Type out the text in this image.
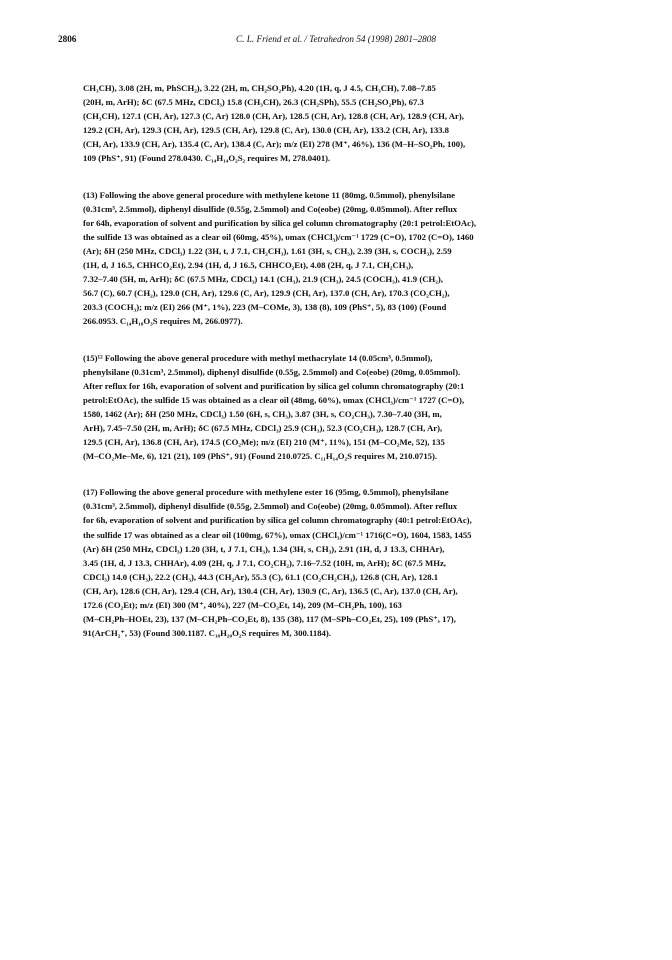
2806	C. L. Friend et al. / Tetrahedron 54 (1998) 2801–2808

CH₃CH), 3.08 (2H, m, PhSCH₂), 3.22 (2H, m, CH₂SO₂Ph), 4.20 (1H, q, J 4.5, CH₃CH), 7.08–7.85

(20H, m, ArH); δC (67.5 MHz, CDCl₃) 15.8 (CH₃CH), 26.3 (CH₂SPh), 55.5 (CH₂SO₂Ph), 67.3

(CH₃CH), 127.1 (CH, Ar), 127.3 (C, Ar) 128.0 (CH, Ar), 128.5 (CH, Ar), 128.8 (CH, Ar), 128.9 (CH, Ar),

129.2 (CH, Ar), 129.3 (CH, Ar), 129.5 (CH, Ar), 129.8 (C, Ar), 130.0 (CH, Ar), 133.2 (CH, Ar), 133.8

(CH, Ar), 133.9 (CH, Ar), 135.4 (C, Ar), 138.4 (C, Ar); m/z (EI) 278 (M⁺, 46%), 136 (M–H–SO₂Ph, 100),

109 (PhS⁺, 91) (Found 278.0430. C₁₄H₁₄O₂S₂ requires M, 278.0401).

(13) Following the above general procedure with methylene ketone 11 (80mg, 0.5mmol), phenylsilane

(0.31cm³, 2.5mmol), diphenyl disulfide (0.55g, 2.5mmol) and Co(eobe) (20mg, 0.05mmol). After reflux

for 64h, evaporation of solvent and purification by silica gel column chromatography (20:1 petrol:EtOAc),

the sulfide 13 was obtained as a clear oil (60mg, 45%), υmax (CHCl₃)/cm⁻¹ 1729 (C=O), 1702 (C=O), 1460

(Ar); δH (250 MHz, CDCl₃) 1.22 (3H, t, J 7.1, CH₂CH₃), 1.61 (3H, s, CH₃), 2.39 (3H, s, COCH₃), 2.59

(1H, d, J 16.5, CHHCO₂Et), 2.94 (1H, d, J 16.5, CHHCO₂Et), 4.08 (2H, q, J 7.1, CH₂CH₃),

7.32–7.40 (5H, m, ArH); δC (67.5 MHz, CDCl₃) 14.1 (CH₃), 21.9 (CH₃), 24.5 (COCH₃), 41.9 (CH₂),

56.7 (C), 60.7 (CH₂), 129.0 (CH, Ar), 129.6 (C, Ar), 129.9 (CH, Ar), 137.0 (CH, Ar), 170.3 (CO₂CH₂),

203.3 (COCH₃); m/z (EI) 266 (M⁺, 1%), 223 (M–COMe, 3), 138 (8), 109 (PhS⁺, 5), 83 (100) (Found

266.0953. C₁₄H₁₈O₃S requires M, 266.0977).

(15)¹² Following the above general procedure with methyl methacrylate 14 (0.05cm³, 0.5mmol),

phenylsilane (0.31cm³, 2.5mmol), diphenyl disulfide (0.55g, 2.5mmol) and Co(eobe) (20mg, 0.05mmol).

After reflux for 16h, evaporation of solvent and purification by silica gel column chromatography (20:1

petrol:EtOAc), the sulfide 15 was obtained as a clear oil (48mg, 60%), υmax (CHCl₃)/cm⁻¹ 1727 (C=O),

1580, 1462 (Ar); δH (250 MHz, CDCl₃) 1.50 (6H, s, CH₃), 3.87 (3H, s, CO₂CH₃), 7.30–7.40 (3H, m,

ArH), 7.45–7.50 (2H, m, ArH); δC (67.5 MHz, CDCl₃) 25.9 (CH₃), 52.3 (CO₂CH₃), 128.7 (CH, Ar),

129.5 (CH, Ar), 136.8 (CH, Ar), 174.5 (CO₂Me); m/z (EI) 210 (M⁺, 11%), 151 (M–CO₂Me, 52), 135

(M–CO₂Me–Me, 6), 121 (21), 109 (PhS⁺, 91) (Found 210.0725. C₁₁H₁₄O₂S requires M, 210.0715).

(17) Following the above general procedure with methylene ester 16 (95mg, 0.5mmol), phenylsilane

(0.31cm³, 2.5mmol), diphenyl disulfide (0.55g, 2.5mmol) and Co(eobe) (20mg, 0.05mmol). After reflux

for 6h, evaporation of solvent and purification by silica gel column chromatography (40:1 petrol:EtOAc),

the sulfide 17 was obtained as a clear oil (100mg, 67%), υmax (CHCl₃)/cm⁻¹ 1716(C=O), 1604, 1583, 1455

(Ar) δH (250 MHz, CDCl₃) 1.20 (3H, t, J 7.1, CH₃), 1.34 (3H, s, CH₃), 2.91 (1H, d, J 13.3, CHHAr),

3.45 (1H, d, J 13.3, CHHAr), 4.09 (2H, q, J 7.1, CO₂CH₂), 7.16–7.52 (10H, m, ArH); δC (67.5 MHz,

CDCl₃) 14.0 (CH₃), 22.2 (CH₃), 44.3 (CH₂Ar), 55.3 (C), 61.1 (CO₂CH₂CH₃), 126.8 (CH, Ar), 128.1

(CH, Ar), 128.6 (CH, Ar), 129.4 (CH, Ar), 130.4 (CH, Ar), 130.9 (C, Ar), 136.5 (C, Ar), 137.0 (CH, Ar),

172.6 (CO₂Et); m/z (EI) 300 (M⁺, 40%), 227 (M–CO₂Et, 14), 209 (M–CH₂Ph, 100), 163

(M–CH₂Ph–HOEt, 23), 137 (M–CH₂Ph–CO₂Et, 8), 135 (38), 117 (M–SPh–CO₂Et, 25), 109 (PhS⁺, 17),

91(ArCH₂⁺, 53) (Found 300.1187. C₁₈H₂₀O₂S requires M, 300.1184).
